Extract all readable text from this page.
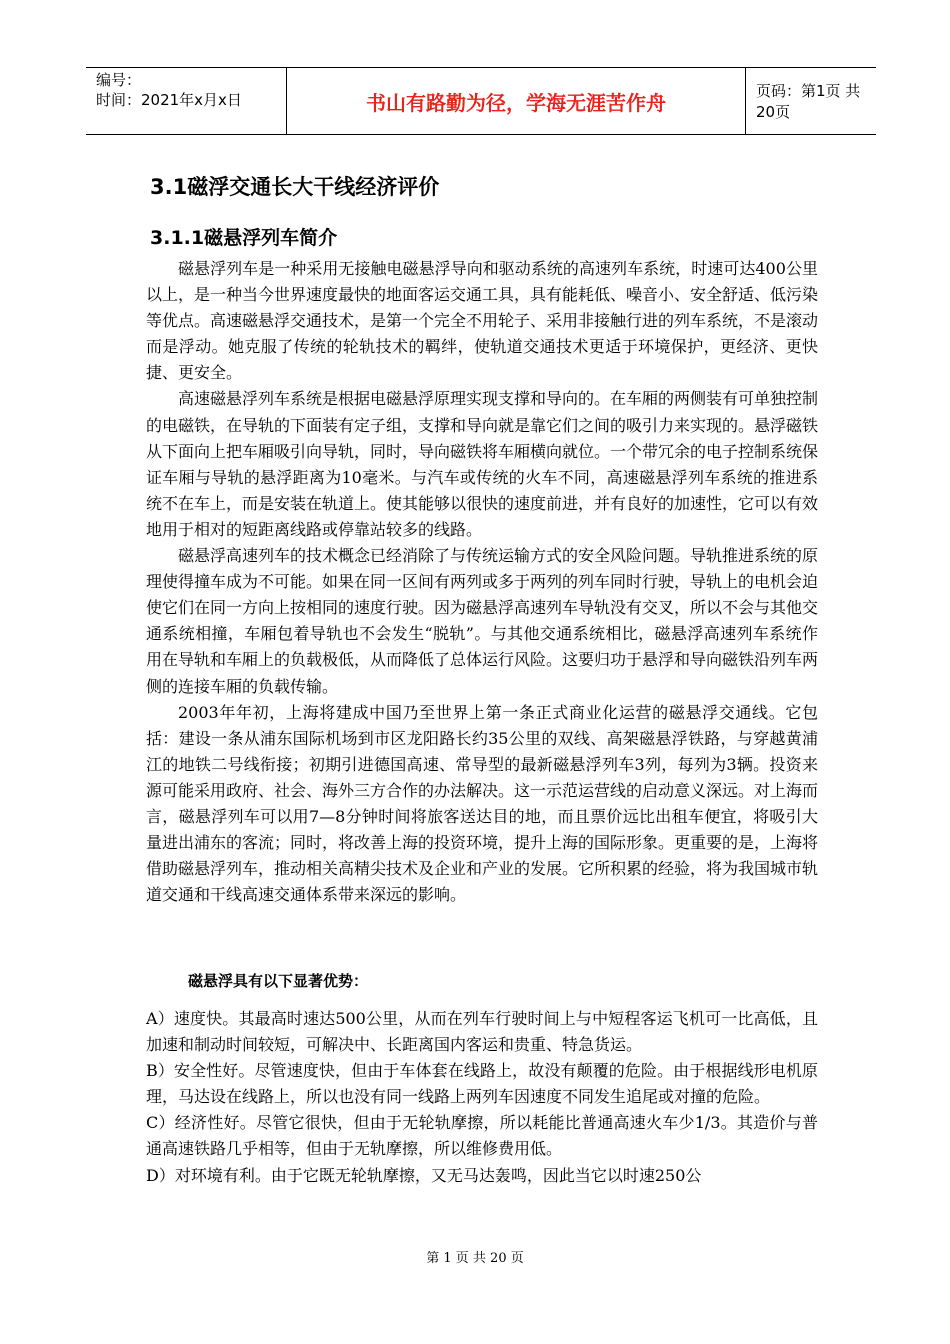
编号：
时间：2021年x月x日	书山有路勤为径，学海无涯苦作舟	页码：第1页 共20页
3.1磁浮交通长大干线经济评价
3.1.1磁悬浮列车简介

磁悬浮列车是一种采用无接触电磁悬浮导向和驱动系统的高速列车系统，时速可达400公里以上，是一种当今世界速度最快的地面客运交通工具，具有能耗低、噪音小、安全舒适、低污染等优点。高速磁悬浮交通技术，是第一个完全不用轮子、采用非接触行进的列车系统，不是滚动而是浮动。她克服了传统的轮轨技术的羁绊，使轨道交通技术更适于环境保护，更经济、更快捷、更安全。

高速磁悬浮列车系统是根据电磁悬浮原理实现支撑和导向的。在车厢的两侧装有可单独控制的电磁铁，在导轨的下面装有定子组，支撑和导向就是靠它们之间的吸引力来实现的。悬浮磁铁从下面向上把车厢吸引向导轨，同时，导向磁铁将车厢横向就位。一个带冗余的电子控制系统保证车厢与导轨的悬浮距离为10毫米。与汽车或传统的火车不同，高速磁悬浮列车系统的推进系统不在车上，而是安装在轨道上。使其能够以很快的速度前进，并有良好的加速性，它可以有效地用于相对的短距离线路或停靠站较多的线路。

磁悬浮高速列车的技术概念已经消除了与传统运输方式的安全风险问题。导轨推进系统的原理使得撞车成为不可能。如果在同一区间有两列或多于两列的列车同时行驶，导轨上的电机会迫使它们在同一方向上按相同的速度行驶。因为磁悬浮高速列车导轨没有交叉，所以不会与其他交通系统相撞，车厢包着导轨也不会发生“脱轨”。与其他交通系统相比，磁悬浮高速列车系统作用在导轨和车厢上的负载极低，从而降低了总体运行风险。这要归功于悬浮和导向磁铁沿列车两侧的连接车厢的负载传输。

2003年年初，上海将建成中国乃至世界上第一条正式商业化运营的磁悬浮交通线。它包括：建设一条从浦东国际机场到市区龙阳路长约35公里的双线、高架磁悬浮铁路，与穿越黄浦江的地铁二号线衔接；初期引进德国高速、常导型的最新磁悬浮列车3列，每列为3辆。投资来源可能采用政府、社会、海外三方合作的办法解决。这一示范运营线的启动意义深远。对上海而言，磁悬浮列车可以用7—8分钟时间将旅客送达目的地，而且票价远比出租车便宜，将吸引大量进出浦东的客流；同时，将改善上海的投资环境，提升上海的国际形象。更重要的是，上海将借助磁悬浮列车，推动相关高精尖技术及企业和产业的发展。它所积累的经验，将为我国城市轨道交通和干线高速交通体系带来深远的影响。

磁悬浮具有以下显著优势：

A）速度快。其最高时速达500公里，从而在列车行驶时间上与中短程客运飞机可一比高低，且加速和制动时间较短，可解决中、长距离国内客运和贵重、特急货运。

B）安全性好。尽管速度快，但由于车体套在线路上，故没有颠覆的危险。由于根据线形电机原理，马达设在线路上，所以也没有同一线路上两列车因速度不同发生追尾或对撞的危险。

C）经济性好。尽管它很快，但由于无轮轨摩擦，所以耗能比普通高速火车少1/3。其造价与普通高速铁路几乎相等，但由于无轨摩擦，所以维修费用低。

D）对环境有利。由于它既无轮轨摩擦，又无马达轰鸣，因此当它以时速250公

第 1 页 共 20 页
